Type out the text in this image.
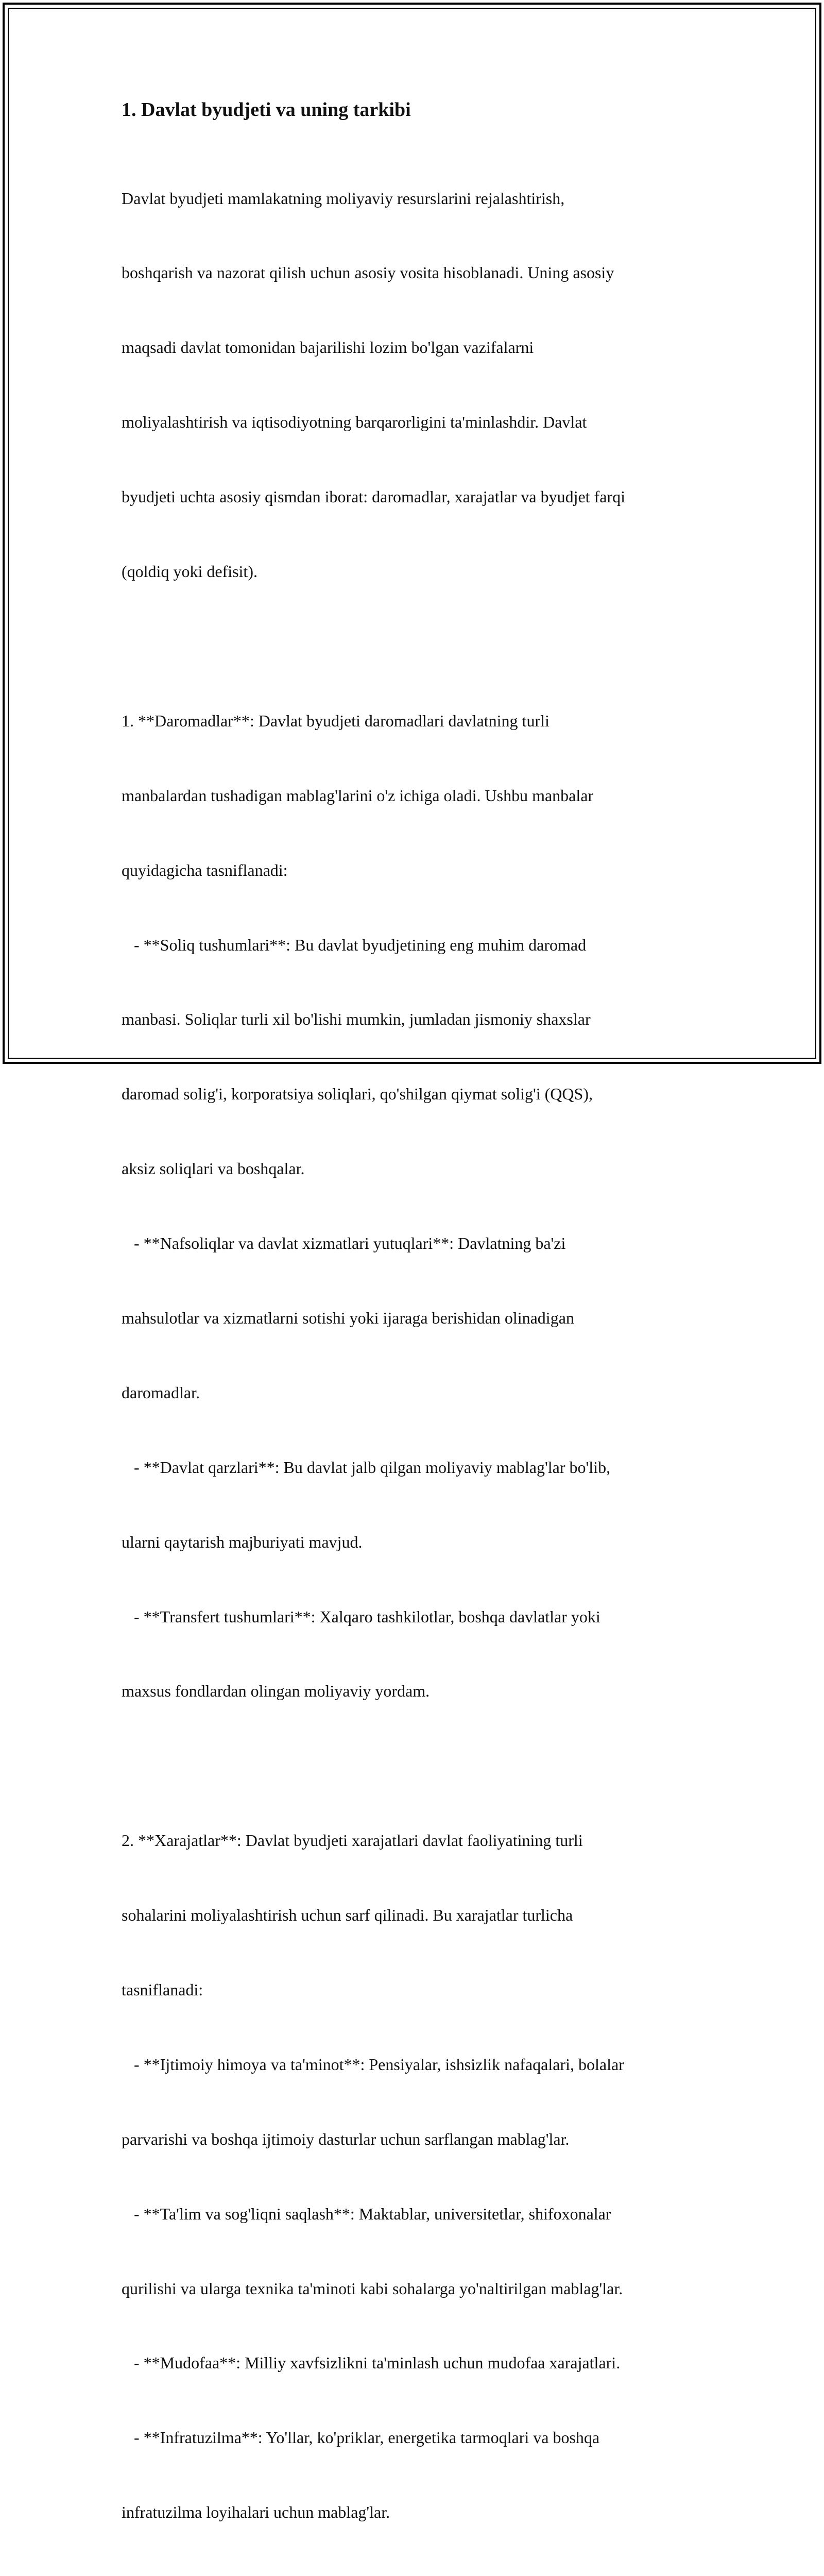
1. Davlat byudjeti va uning tarkibi

Davlat byudjeti mamlakatning moliyaviy resurslarini rejalashtirish,

boshqarish va nazorat qilish uchun asosiy vosita hisoblanadi. Uning asosiy

maqsadi davlat tomonidan bajarilishi lozim bo'lgan vazifalarni

moliyalashtirish va iqtisodiyotning barqarorligini ta'minlashdir. Davlat

byudjeti uchta asosiy qismdan iborat: daromadlar, xarajatlar va byudjet farqi

(qoldiq yoki defisit).

1. **Daromadlar**: Davlat byudjeti daromadlari davlatning turli

manbalardan tushadigan mablag'larini o'z ichiga oladi. Ushbu manbalar

quyidagicha tasniflanadi:

- **Soliq tushumlari**: Bu davlat byudjetining eng muhim daromad

manbasi. Soliqlar turli xil bo'lishi mumkin, jumladan jismoniy shaxslar

daromad solig'i, korporatsiya soliqlari, qo'shilgan qiymat solig'i (QQS),

aksiz soliqlari va boshqalar.

- **Nafsoliqlar va davlat xizmatlari yutuqlari**: Davlatning ba'zi

mahsulotlar va xizmatlarni sotishi yoki ijaraga berishidan olinadigan

daromadlar.

- **Davlat qarzlari**: Bu davlat jalb qilgan moliyaviy mablag'lar bo'lib,

ularni qaytarish majburiyati mavjud.

- **Transfert tushumlari**: Xalqaro tashkilotlar, boshqa davlatlar yoki

maxsus fondlardan olingan moliyaviy yordam.

2. **Xarajatlar**: Davlat byudjeti xarajatlari davlat faoliyatining turli

sohalarini moliyalashtirish uchun sarf qilinadi. Bu xarajatlar turlicha

tasniflanadi:

- **Ijtimoiy himoya va ta'minot**: Pensiyalar, ishsizlik nafaqalari, bolalar

parvarishi va boshqa ijtimoiy dasturlar uchun sarflangan mablag'lar.

- **Ta'lim va sog'liqni saqlash**: Maktablar, universitetlar, shifoxonalar

qurilishi va ularga texnika ta'minoti kabi sohalarga yo'naltirilgan mablag'lar.

- **Mudofaa**: Milliy xavfsizlikni ta'minlash uchun mudofaa xarajatlari.

- **Infratuzilma**: Yo'llar, ko'priklar, energetika tarmoqlari va boshqa

infratuzilma loyihalari uchun mablag'lar.
